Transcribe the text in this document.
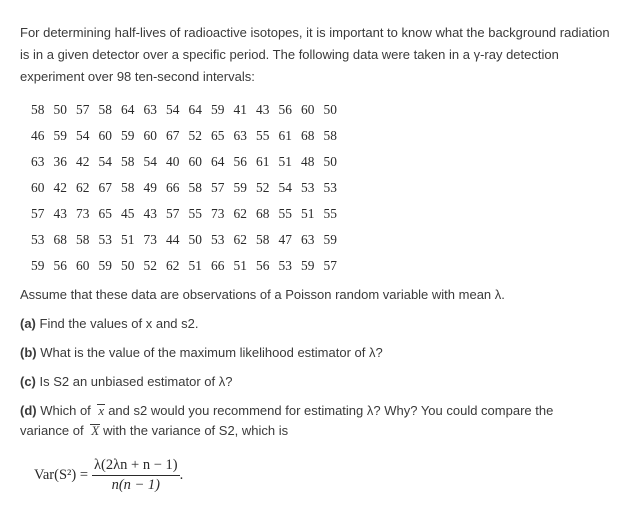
For determining half-lives of radioactive isotopes, it is important to know what the background radiation is in a given detector over a specific period. The following data were taken in a γ-ray detection experiment over 98 ten-second intervals:

58 50 57 58 64 63 54 64 59 41 43 56 60 50
46 59 54 60 59 60 67 52 65 63 55 61 68 58
63 36 42 54 58 54 40 60 64 56 61 51 48 50
60 42 62 67 58 49 66 58 57 59 52 54 53 53
57 43 73 65 45 43 57 55 73 62 68 55 51 55
53 68 58 53 51 73 44 50 53 62 58 47 63 59
59 56 60 59 50 52 62 51 66 51 56 53 59 57

Assume that these data are observations of a Poisson random variable with mean λ.

(a) Find the values of x and s2.

(b) What is the value of the maximum likelihood estimator of λ?

(c) Is S2 an unbiased estimator of λ?

(d) Which of x and s2 would you recommend for estimating λ? Why? You could compare the
variance of X with the variance of S2, which is

$Var(S^2) = \frac{\lambda(2\lambda n + n - 1)}{n(n - 1)}$ .
